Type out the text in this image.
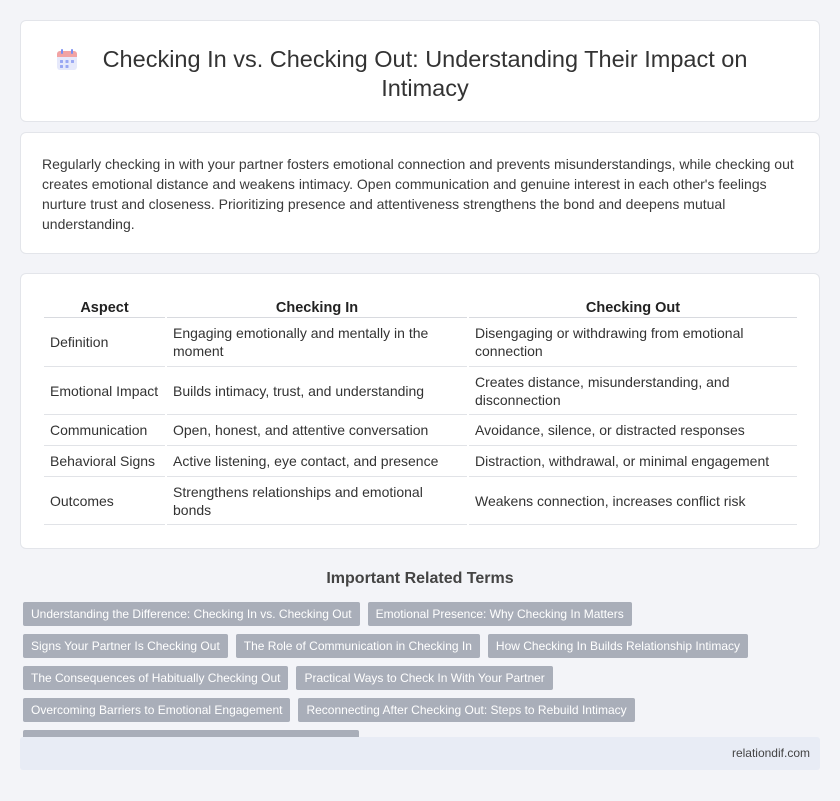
Checking In vs. Checking Out: Understanding Their Impact on Intimacy

Regularly checking in with your partner fosters emotional connection and prevents misunderstandings, while checking out creates emotional distance and weakens intimacy. Open communication and genuine interest in each other's feelings nurture trust and closeness. Prioritizing presence and attentiveness strengthens the bond and deepens mutual understanding.

Aspect	Checking In	Checking Out
Definition	Engaging emotionally and mentally in the moment	Disengaging or withdrawing from emotional connection
Emotional Impact	Builds intimacy, trust, and understanding	Creates distance, misunderstanding, and disconnection
Communication	Open, honest, and attentive conversation	Avoidance, silence, or distracted responses
Behavioral Signs	Active listening, eye contact, and presence	Distraction, withdrawal, or minimal engagement
Outcomes	Strengthens relationships and emotional bonds	Weakens connection, increases conflict risk
Important Related Terms
Understanding the Difference: Checking In vs. Checking Out	Emotional Presence: Why Checking In Matters
Signs Your Partner Is Checking Out	The Role of Communication in Checking In	How Checking In Builds Relationship Intimacy
The Consequences of Habitually Checking Out	Practical Ways to Check In With Your Partner
Overcoming Barriers to Emotional Engagement	Reconnecting After Checking Out: Steps to Rebuild Intimacy
relationdif.com
